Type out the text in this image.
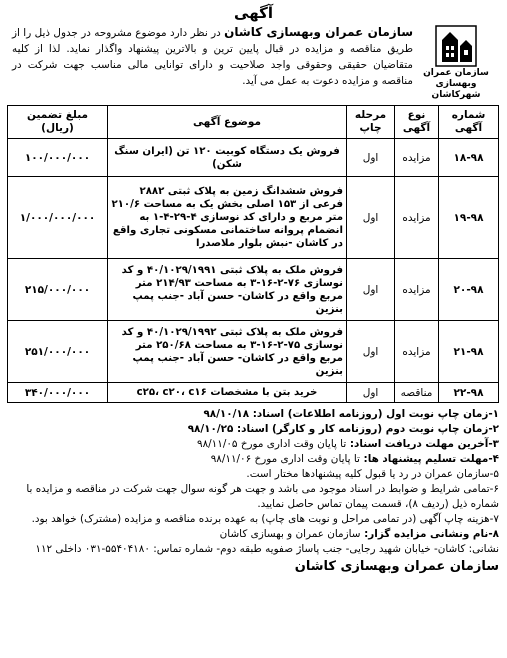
آگهی
سازمان عمران
وبهسازی شهرکاشان
سازمان عمران وبهسازی کاشان در نظر دارد موضوع مشروحه در جدول ذیل را از طریق مناقصه و مزایده در قبال پایین ترین و بالاترین پیشنهاد واگذار نماید. لذا از کلیه متقاضیان حقیقی وحقوقی واجد صلاحیت و دارای توانایی مالی مناسب جهت شرکت در مناقصه و مزایده دعوت به عمل می آید.
شماره آگهی	نوع آگهی	مرحله چاپ	موضوع آگهی	مبلغ تضمین (ریال)
۱۸-۹۸	مزایده	اول	فروش یک دستگاه کوبیت ۱۲۰ تن (ایران سنگ شکن)	۱۰۰/۰۰۰/۰۰۰
۱۹-۹۸	مزایده	اول	فروش ششدانگ زمین به پلاک ثبتی ۲۸۸۲ فرعی از ۱۵۳ اصلی بخش یک به مساحت ۲۱۰/۶ متر مربع و دارای کد نوسازی ۴-۲۹-۴-۱ به انضمام پروانه ساختمانی مسکونی تجاری واقع در کاشان -نبش بلوار ملاصدرا	۱/۰۰۰/۰۰۰/۰۰۰
۲۰-۹۸	مزایده	اول	فروش ملک به پلاک ثبتی ۴۰/۱۰۲۹/۱۹۹۱ و کد نوسازی ۷۶-۲-۱۶-۳ به مساحت ۲۱۴/۹۳ متر مربع واقع در کاشان- حسن آباد -جنب پمپ بنزین	۲۱۵/۰۰۰/۰۰۰
۲۱-۹۸	مزایده	اول	فروش ملک به پلاک ثبتی ۴۰/۱۰۲۹/۱۹۹۲ و کد نوسازی ۷۵-۲-۱۶-۳ به مساحت ۲۵۰/۶۸ متر مربع واقع در کاشان- حسن آباد -جنب پمپ بنزین	۲۵۱/۰۰۰/۰۰۰
۲۲-۹۸	مناقصه	اول	خرید بتن با مشخصات c۲۵، c۲۰، c۱۶	۳۴۰/۰۰۰/۰۰۰

۱-زمان چاپ نوبت اول (روزنامه اطلاعات) اسناد: ۹۸/۱۰/۱۸

۲-زمان چاپ نوبت دوم (روزنامه کار و کارگر) اسناد: ۹۸/۱۰/۲۵

۳-آخرین مهلت دریافت اسناد: تا پایان وقت اداری مورخ ۹۸/۱۱/۰۵

۴-مهلت تسلیم پیشنهاد ها: تا پایان وقت اداری مورخ ۹۸/۱۱/۰۶

۵-سازمان عمران در رد یا قبول کلیه پیشنهادها مختار است.

۶-تمامی شرایط و ضوابط در اسناد موجود می باشد و جهت هر گونه سوال جهت شرکت در مناقصه و مزایده با شماره ذیل (ردیف ۸)، قسمت پیمان تماس حاصل نمایید.

۷-هزینه چاپ آگهی (در تمامی مراحل و نوبت های چاپ) به عهده برنده مناقصه و مزایده (مشترک) خواهد بود.

۸-نام ونشانی مزایده گزار: سازمان عمران و بهسازی کاشان

نشانی: کاشان- خیابان شهید رجایی- جنب پاساژ صفویه طبقه دوم- شماره تماس: ۵۵۴۰۴۱۸۰-۰۳۱ داخلی ۱۱۲

سازمان عمران وبهسازی کاشان
